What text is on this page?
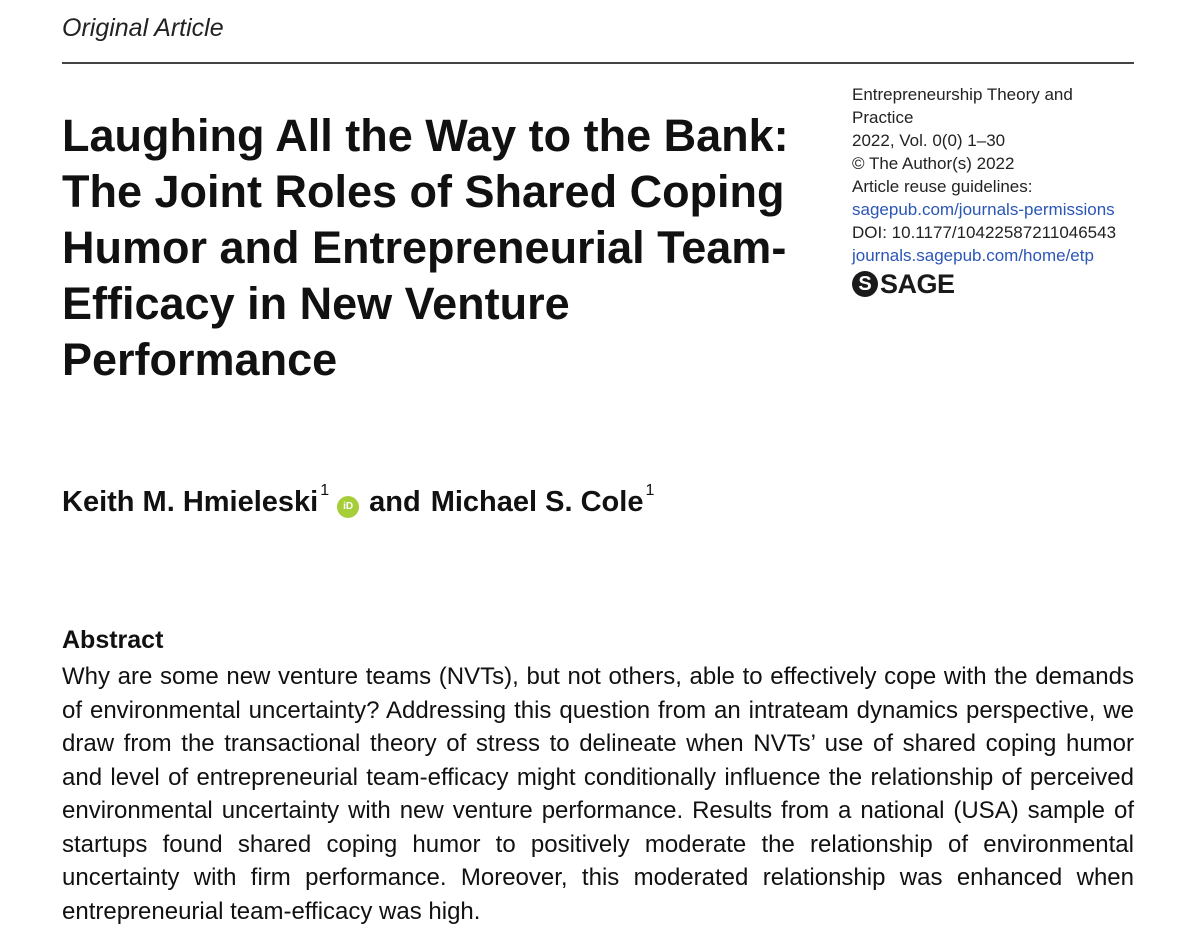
Original Article
Laughing All the Way to the Bank: The Joint Roles of Shared Coping Humor and Entrepreneurial Team-Efficacy in New Venture Performance
Entrepreneurship Theory and Practice
2022, Vol. 0(0) 1–30
© The Author(s) 2022
Article reuse guidelines:
sagepub.com/journals-permissions
DOI: 10.1177/10422587211046543
journals.sagepub.com/home/etp
S SAGE
Keith M. Hmieleski$^1$
iD and Michael S. Cole$^1$
Abstract

Why are some new venture teams (NVTs), but not others, able to effectively cope with the demands of environmental uncertainty? Addressing this question from an intrateam dynamics perspective, we draw from the transactional theory of stress to delineate when NVTs’ use of shared coping humor and level of entrepreneurial team-efficacy might conditionally influence the relationship of perceived environmental uncertainty with new venture performance. Results from a national (USA) sample of startups found shared coping humor to positively moderate the relationship of environmental uncertainty with firm performance. Moreover, this moderated relationship was enhanced when entrepreneurial team-efficacy was high.
